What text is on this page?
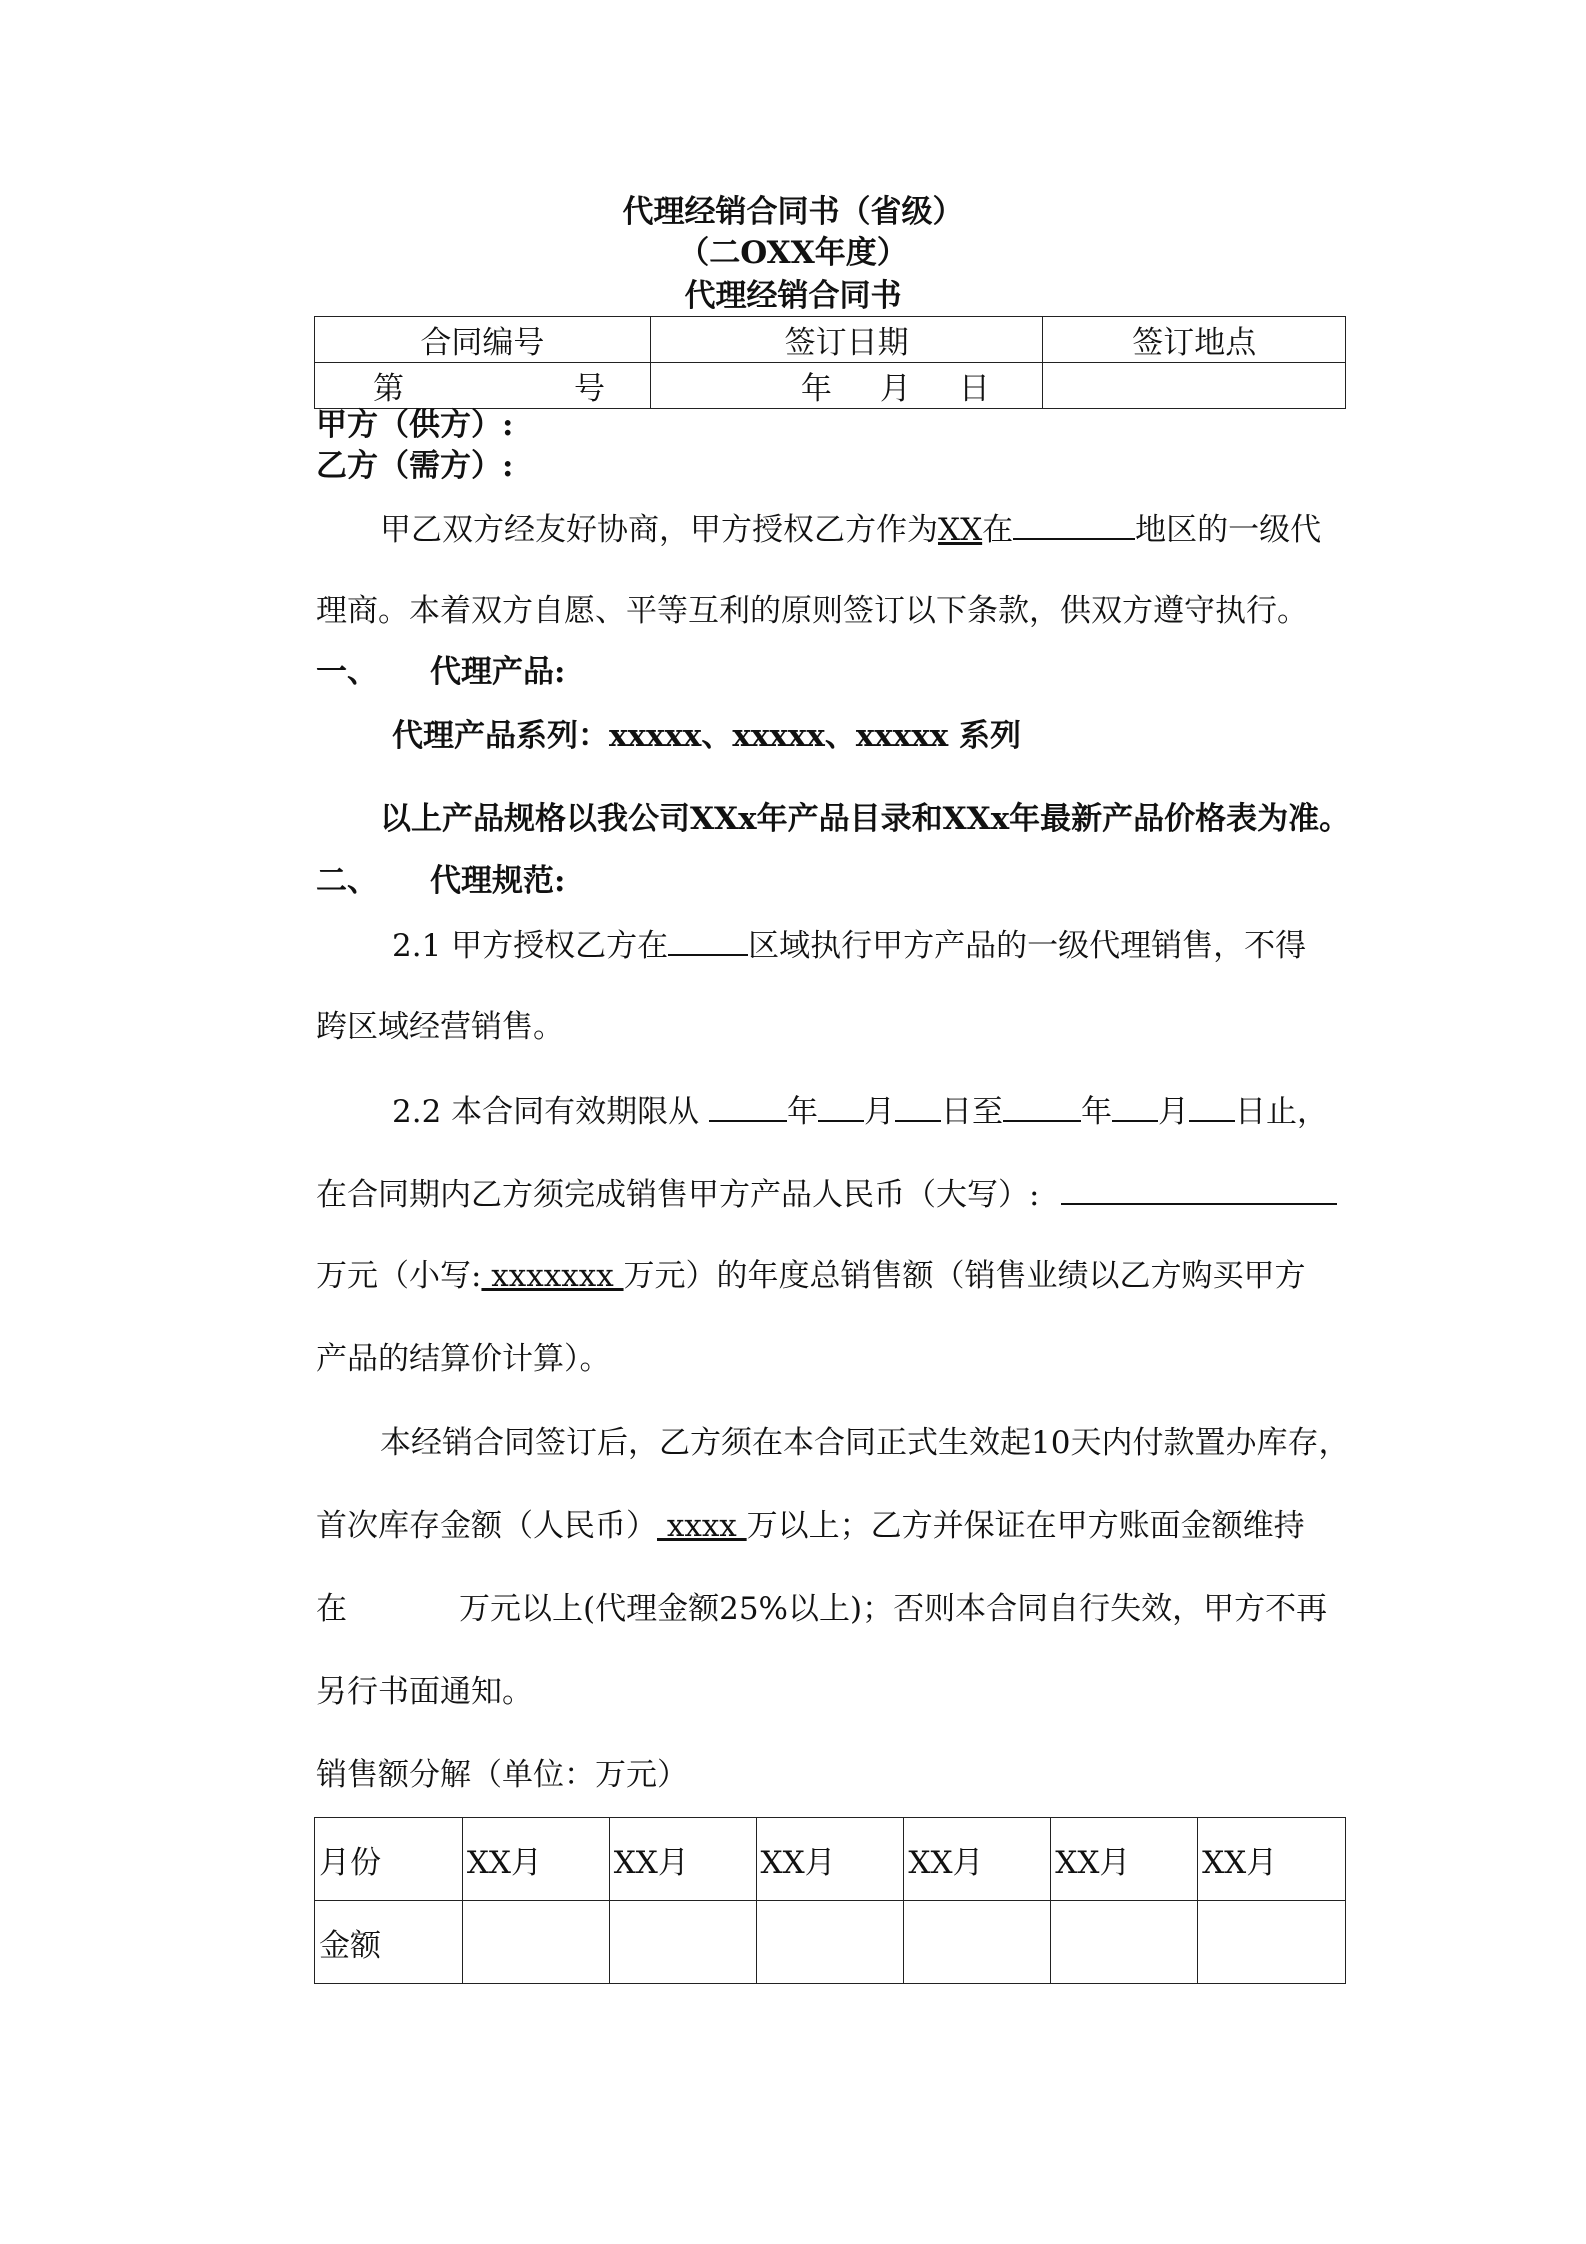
代理经销合同书（省级）
（二OXX年度）
代理经销合同书
合同编号	签订日期	签订地点
第 号	年 月 日	
甲方（供方）:
乙方（需方）:
甲乙双方经友好协商，甲方授权乙方作为XX在	地区的一级代
理商。本着双方自愿、平等互利的原则签订以下条款，供双方遵守执行。
一、 代理产品:
代理产品系列：xxxxx、xxxxx、xxxxx 系列
以上产品规格以我公司XXx年产品目录和XXx年最新产品价格表为准。
二、 代理规范:
2.1 甲方授权乙方在	区域执行甲方产品的一级代理销售，不得
跨区域经营销售。
2.2 本合同有效期限从	年 月 日至	年 月 日止，
在合同期内乙方须完成销售甲方产品人民币（大写）:
万元（小写: xxxxxxx 万元）的年度总销售额（销售业绩以乙方购买甲方
产品的结算价计算）。
本经销合同签订后，乙方须在本合同正式生效起10天内付款置办库存，
首次库存金额（人民币） xxxx 万以上；乙方并保证在甲方账面金额维持
在	万元以上(代理金额25%以上)；否则本合同自行失效，甲方不再
另行书面通知。
销售额分解（单位：万元）
月份	XX月	XX月	XX月	XX月	XX月	XX月
金额						
